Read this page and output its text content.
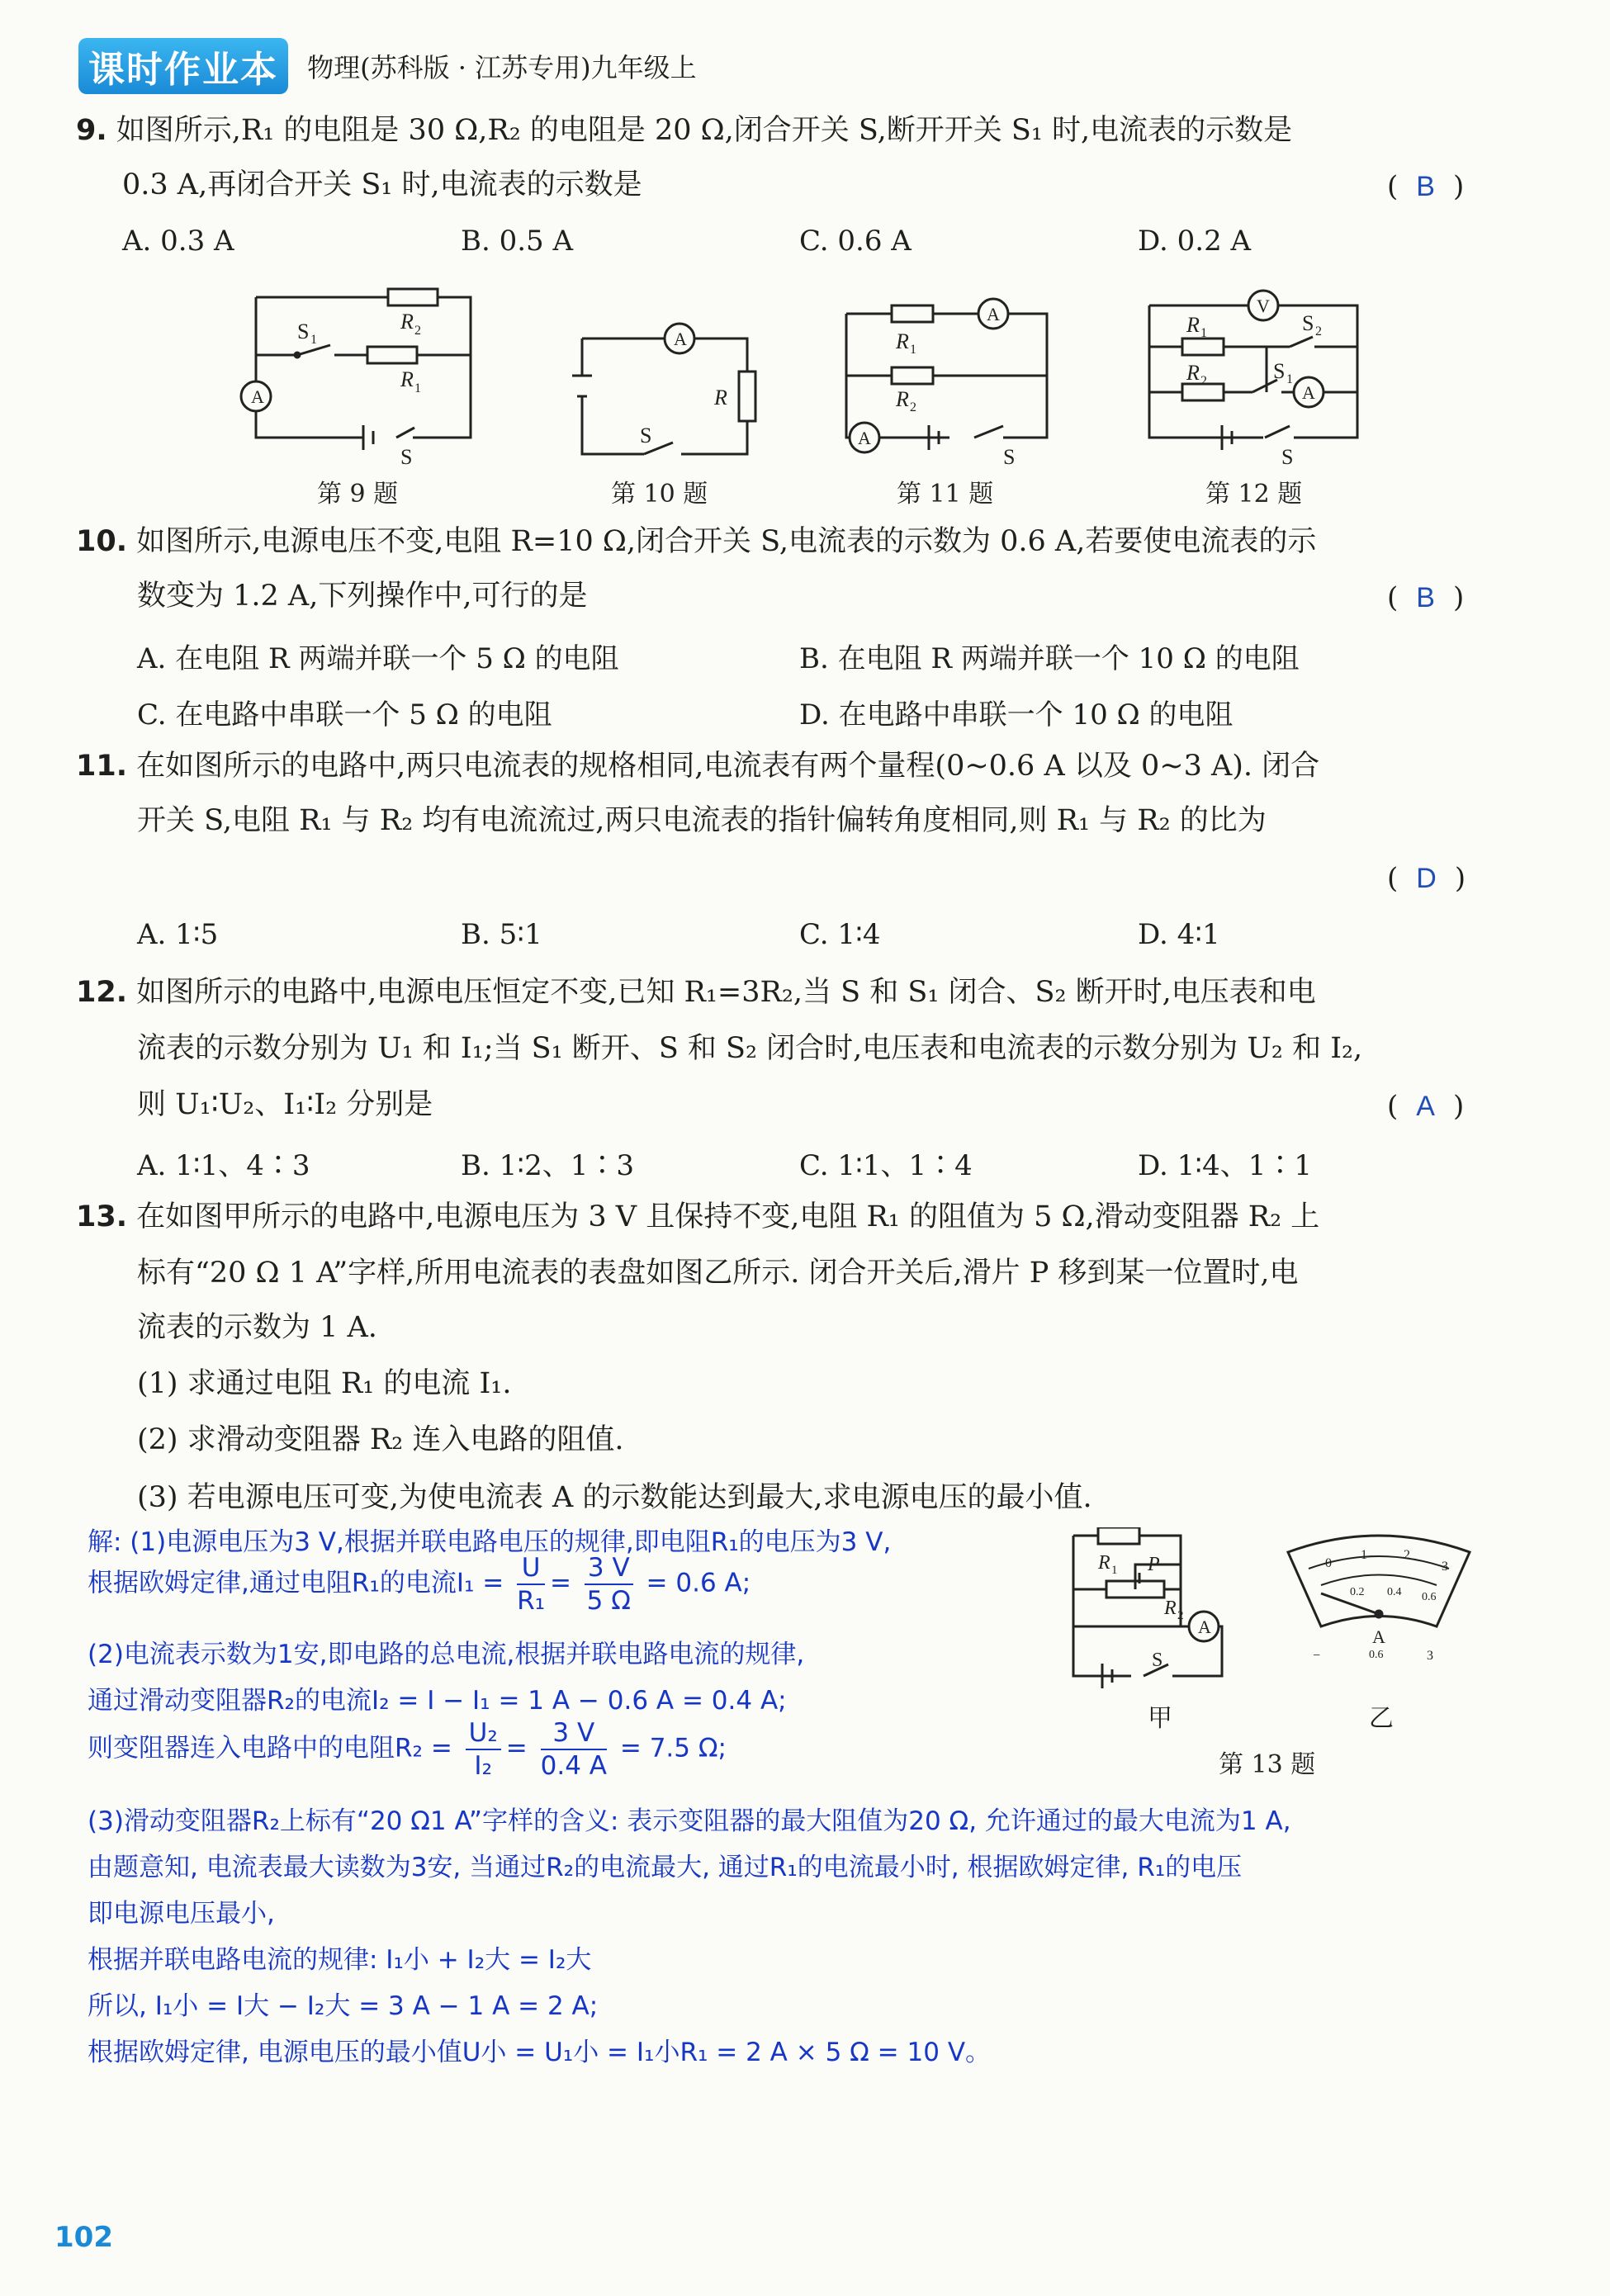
课时作业本 物理(苏科版 · 江苏专用)九年级上
9. 如图所示,R₁ 的电阻是 30 Ω,R₂ 的电阻是 20 Ω,闭合开关 S,断开开关 S₁ 时,电流表的示数是
0.3 A,再闭合开关 S₁ 时,电流表的示数是	( B )
A. 0.3 A	B. 0.5 A	C. 0.6 A	D. 0.2 A
A
R 2
S 1
R 1
S
A
R
S
A
A
R 1
R 2
S
V
A
R 1
R 2
S 2
S 1
S
第 9 题	第 10 题	第 11 题	第 12 题
10. 如图所示,电源电压不变,电阻 R=10 Ω,闭合开关 S,电流表的示数为 0.6 A,若要使电流表的示
数变为 1.2 A,下列操作中,可行的是	( B )
A. 在电阻 R 两端并联一个 5 Ω 的电阻	B. 在电阻 R 两端并联一个 10 Ω 的电阻
C. 在电路中串联一个 5 Ω 的电阻	D. 在电路中串联一个 10 Ω 的电阻
11. 在如图所示的电路中,两只电流表的规格相同,电流表有两个量程(0~0.6 A 以及 0~3 A). 闭合
开关 S,电阻 R₁ 与 R₂ 均有电流流过,两只电流表的指针偏转角度相同,则 R₁ 与 R₂ 的比为
( D )
A. 1∶5	B. 5∶1	C. 1∶4	D. 4∶1
12. 如图所示的电路中,电源电压恒定不变,已知 R₁=3R₂,当 S 和 S₁ 闭合、S₂ 断开时,电压表和电
流表的示数分别为 U₁ 和 I₁;当 S₁ 断开、S 和 S₂ 闭合时,电压表和电流表的示数分别为 U₂ 和 I₂,
则 U₁∶U₂、I₁∶I₂ 分别是	( A )
A. 1∶1、4∶3	B. 1∶2、1∶3	C. 1∶1、1∶4	D. 1∶4、1∶1
13. 在如图甲所示的电路中,电源电压为 3 V 且保持不变,电阻 R₁ 的阻值为 5 Ω,滑动变阻器 R₂ 上
标有“20 Ω 1 A”字样,所用电流表的表盘如图乙所示. 闭合开关后,滑片 P 移到某一位置时,电
流表的示数为 1 A.
(1) 求通过电阻 R₁ 的电流 I₁.
(2) 求滑动变阻器 R₂ 连入电路的阻值.
(3) 若电源电压可变,为使电流表 A 的示数能达到最大,求电源电压的最小值.
解: (1)电源电压为3 V,根据并联电路电压的规律,即电阻R₁的电压为3 V,
根据欧姆定律,通过电阻R₁的电流$I_1 = \frac{U}{\text{R₁}} = \frac{3 V}{5 \Omega} = 0.6$ A;
(2)电流表示数为1安,即电路的总电流,根据并联电路电流的规律,
通过滑动变阻器R₂的电流I₂ = I − I₁ = 1 A − 0.6 A = 0.4 A;
则变阻器连入电路中的电阻$R_2 = \frac{\text{U₂}}{\text{I₂}} = \frac{3 V}{0.4 A} = 7.5$ Ω;
(3)滑动变阻器R₂上标有“20 Ω1 A”字样的含义: 表示变阻器的最大阻值为20 Ω, 允许通过的最大电流为1 A,
由题意知, 电流表最大读数为3安, 当通过R₂的电流最大, 通过R₁的电流最小时, 根据欧姆定律, R₁的电压
即电源电压最小,
根据并联电路电流的规律: I₁小 + I₂大 = I₂大
所以, I₁小 = I大 − I₂大 = 3 A − 1 A = 2 A;
根据欧姆定律, 电源电压的最小值U小 = U₁小 = I₁小R₁ = 2 A × 5 Ω = 10 V。
R 1 P
R 2
A
S
0
1	2
3
0.2 0.4 0.6
A
0.6
−	3
甲	乙
第 13 题
102
